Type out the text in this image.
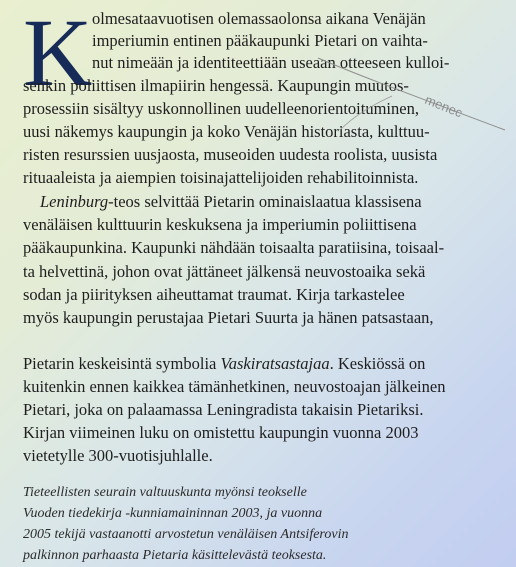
K olmesataavuotisen olemassaolonsa aikana Venäjän
imperiumin entinen pääkaupunki Pietari on vaihta-
nut nimeään ja identiteettiään useaan otteeseen kulloi-
senkin poliittisen ilmapiirin hengessä. Kaupungin muutos-
prosessiin sisältyy uskonnollinen uudelleenorientoituminen,
uusi näkemys kaupungin ja koko Venäjän historiasta, kulttuu-
risten resurssien uusjaosta, museoiden uudesta roolista, uusista
rituaaleista ja aiempien toisinajattelijoiden rehabilitoinnista.
Leninburg-teos selvittää Pietarin ominaislaatua klassisena
venäläisen kulttuurin keskuksena ja imperiumin poliittisena
pääkaupunkina. Kaupunki nähdään toisaalta paratiisina, toisaal-
ta helvettinä, johon ovat jättäneet jälkensä neuvostoaika sekä
sodan ja piirityksen aiheuttamat traumat. Kirja tarkastelee
myös kaupungin perustajaa Pietari Suurta ja hänen patsastaan,
Pietarin keskeisintä symbolia Vaskiratsastajaa. Keskiössä on
kuitenkin ennen kaikkea tämänhetkinen, neuvostoajan jälkeinen
Pietari, joka on palaamassa Leningradista takaisin Pietariksi.
Kirjan viimeinen luku on omistettu kaupungin vuonna 2003
vietetylle 300-vuotisjuhlalle.
Tieteellisten seurain valtuuskunta myönsi teokselle
Vuoden tiedekirja -kunniamaininnan 2003, ja vuonna
2005 tekijä vastaanotti arvostetun venäläisen Antsiferovin
palkinnon parhaasta Pietaria käsittelevästä teoksesta.
menec
